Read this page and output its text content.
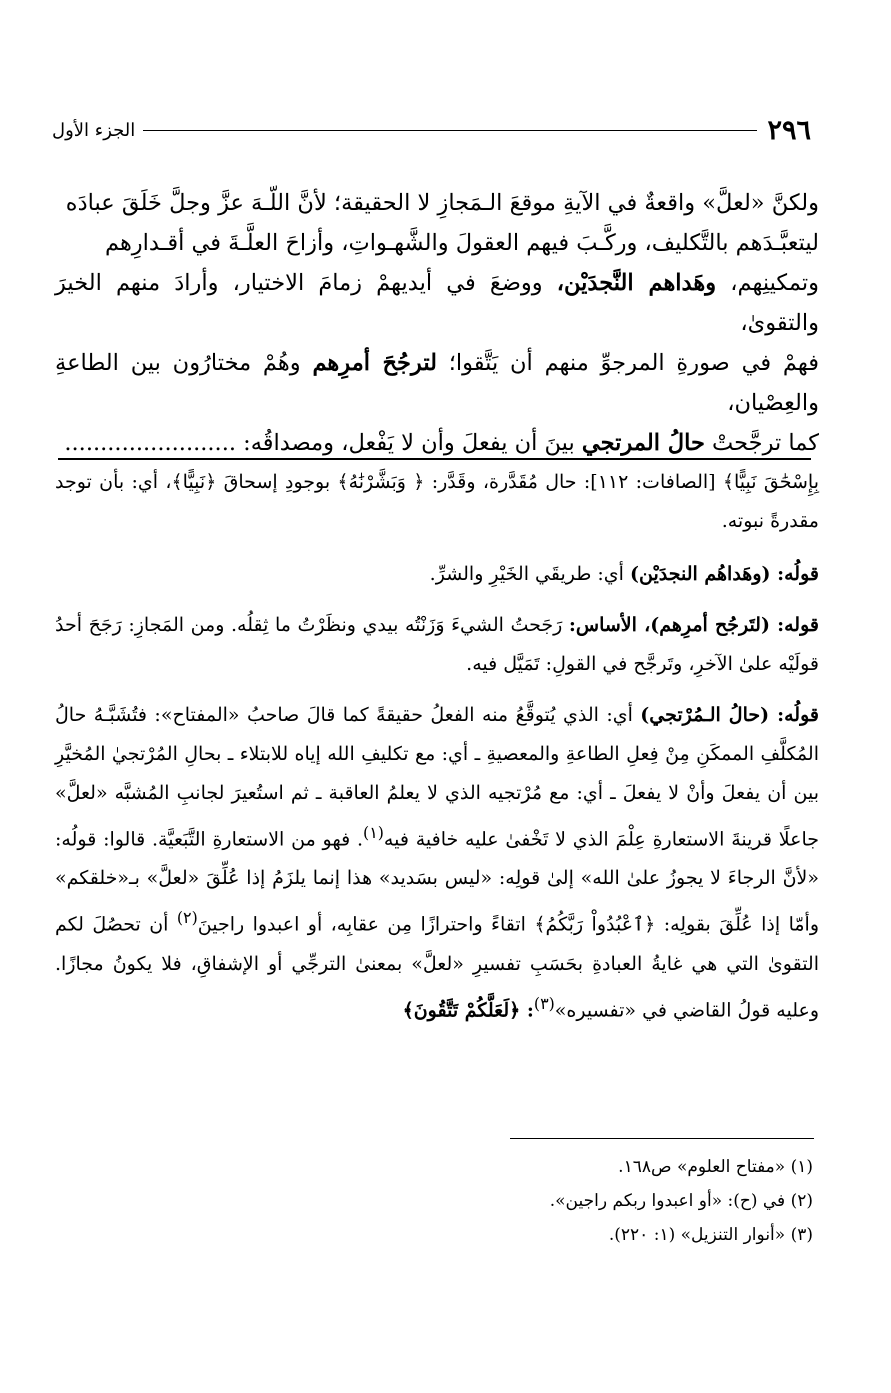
٢٩٦
الجزء الأول

ولكنَّ «لعلَّ» واقعةٌ في الآيةِ موقعَ الـمَجازِ لا الحقيقة؛ لأنَّ اللّـهَ عزَّ وجلَّ خَلَقَ عبادَه

ليتعبَّـدَهم بالتَّكليف، وركَّـبَ فيهم العقولَ والشَّهـواتِ، وأزاحَ العلَّـةَ في أقـدارِهم

وتمكينِهم، وهَداهم النَّجدَيْن، ووضعَ في أيديهمْ زمامَ الاختيار، وأرادَ منهم الخيرَ والتقوىٰ،

فهمْ في صورةِ المرجوِّ منهم أن يَتَّقوا؛ لترجُحَ أمرِهم وهُمْ مختارُون بين الطاعةِ والعِصْيان،

كما ترجَّحتْ حالُ المرتجي بينَ أن يفعلَ وأن لا يَفْعل، ومصداقُه: ........................

بِإِسْحَٰقَ نَبِيًّا﴾ [الصافات: ١١٢]: حال مُقَدَّرة، وقَدَّر: ﴿ وَبَشَّرْنَٰهُ﴾ بوجودِ إسحاقَ ﴿نَبِيًّا﴾، أي: بأن توجد مقدرةً نبوته.

قولُه: (وهَداهُم النجدَيْن) أي: طريقَي الخَيْرِ والشرِّ.

قوله: (لتَرجُح أمرِهم)، الأساس: رَجَحتُ الشيءَ وَزَنْتُه بيدي ونظَرْتُ ما ثِقلُه. ومن المَجازِ: رَجَحَ أحدُ قولَيْه علىٰ الآخرِ، وتَرجَّح في القولِ: تَمَيَّل فيه.

قولُه: (حالُ الـمُرْتجي) أي: الذي يُتوقَّعُ منه الفعلُ حقيقةً كما قالَ صاحبُ «المفتاح»: فتُشَبَّـهُ حالُ المُكلَّفِ الممكَنِ مِنْ فِعلِ الطاعةِ والمعصيةِ ـ أي: مع تكليفِ الله إياه للابتلاء ـ بحالِ المُرْتجيٰ المُخيَّرِ بين أن يفعلَ وأنْ لا يفعلَ ـ أي: مع مُرْتجيه الذي لا يعلمُ العاقبة ـ ثم استُعيرَ لجانبِ المُشبَّه «لعلَّ» جاعلًا قرينةَ الاستعارةِ عِلْمَ الذي لا تَخْفىٰ عليه خافية فيه$^{(١)}$. فهو من الاستعارةِ التَّبَعيَّة. قالوا: قولُه: «لأنَّ الرجاءَ لا يجوزُ علىٰ الله» إلىٰ قولِه: «ليس بسَديد» هذا إنما يلزَمُ إذا عُلِّقَ «لعلَّ» بـ«خلقكم» وأمّا إذا عُلِّقَ بقولِه: ﴿ٱعْبُدُواْ رَبَّكُمُ﴾ اتقاءً واحترازًا مِن عقابِه، أو اعبدوا راجينَ$^{(٢)}$ أن تحصُلَ لكم التقوىٰ التي هي غايةُ العبادةِ بحَسَبِ تفسيرِ «لعلَّ» بمعنىٰ الترجِّي أو الإشفاقِ، فلا يكونُ مجازًا. وعليه قولُ القاضي في «تفسيره»$^{(٣)}$: ﴿لَعَلَّكُمْ تَتَّقُونَ﴾

(١) «مفتاح العلوم» ص١٦٨.

(٢) في (ح): «أو اعبدوا ربكم راجين».

(٣) «أنوار التنزيل» (١: ٢٢٠).
